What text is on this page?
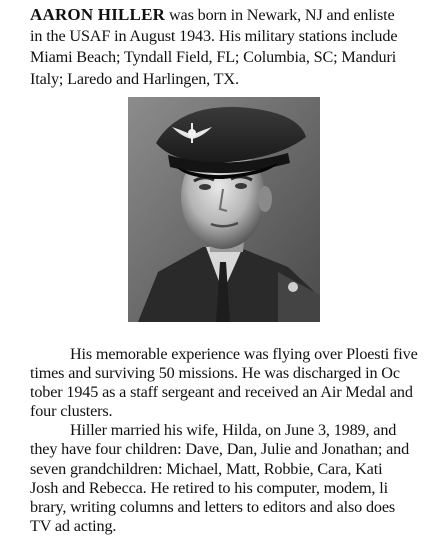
AARON HILLER was born in Newark, NJ and enliste
in the USAF in August 1943. His military stations include
Miami Beach; Tyndall Field, FL; Columbia, SC; Manduri
Italy; Laredo and Harlingen, TX.
His memorable experience was flying over Ploesti five
times and surviving 50 missions. He was discharged in Oc
tober 1945 as a staff sergeant and received an Air Medal and
four clusters.
Hiller married his wife, Hilda, on June 3, 1989, and
they have four children: Dave, Dan, Julie and Jonathan; and
seven grandchildren: Michael, Matt, Robbie, Cara, Kati
Josh and Rebecca. He retired to his computer, modem, li
brary, writing columns and letters to editors and also does
TV ad acting.
